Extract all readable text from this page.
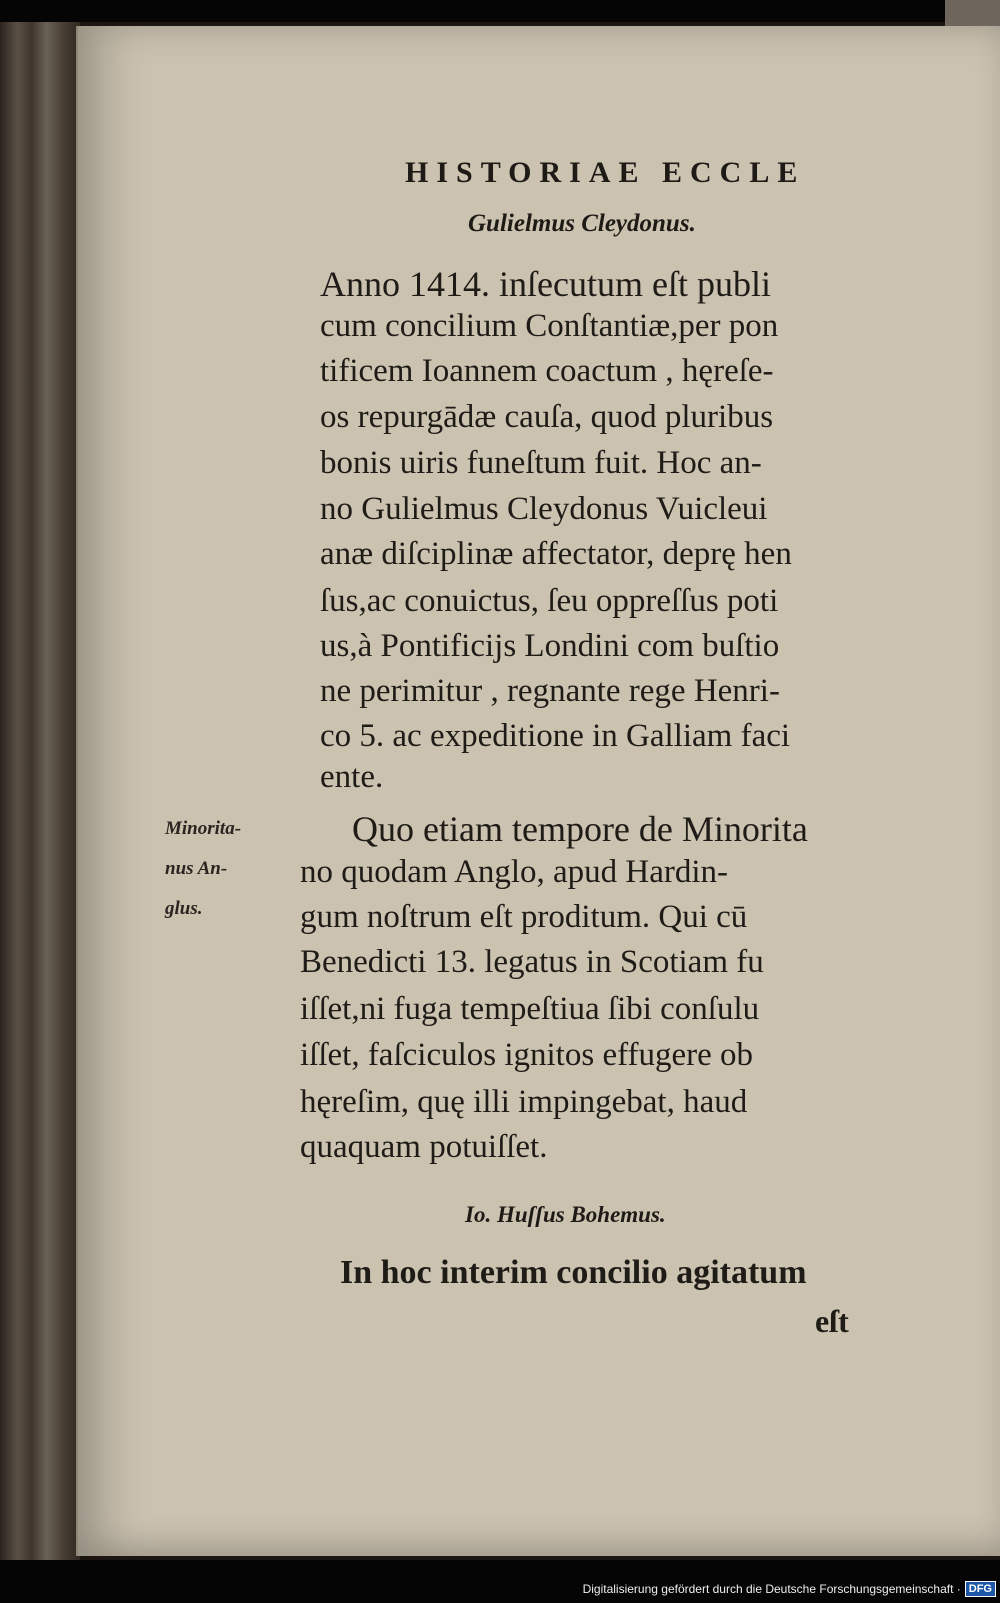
HISTORIAE ECCLE
Gulielmus Cleydonus.
Anno 1414. inſecutum eſt publi
cum concilium Conſtantiæ,per pon
tificem Ioannem coactum , hęreſe-
os repurgādæ cauſa, quod pluribus
bonis uiris funeſtum fuit. Hoc an-
no Gulielmus Cleydonus Vuicleui
anæ diſciplinæ affectator, deprę hen
ſus,ac conuictus, ſeu oppreſſus poti
us,à Pontificijs Londini com buſtio
ne perimitur , regnante rege Henri-
co 5. ac expeditione in Galliam faci
ente.
Minorita-
nus An-
glus.
Quo etiam tempore de Minorita
no quodam Anglo, apud Hardin-
gum noſtrum eſt proditum. Qui cū
Benedicti 13. legatus in Scotiam fu
iſſet,ni fuga tempeſtiua ſibi conſulu
iſſet, faſciculos ignitos effugere ob
hęreſim, quę illi impingebat, haud
quaquam potuiſſet.
Io. Huſſus Bohemus.
In hoc interim concilio agitatum
eſt
Digitalisierung gefördert durch die Deutsche Forschungsgemeinschaft · DFG
